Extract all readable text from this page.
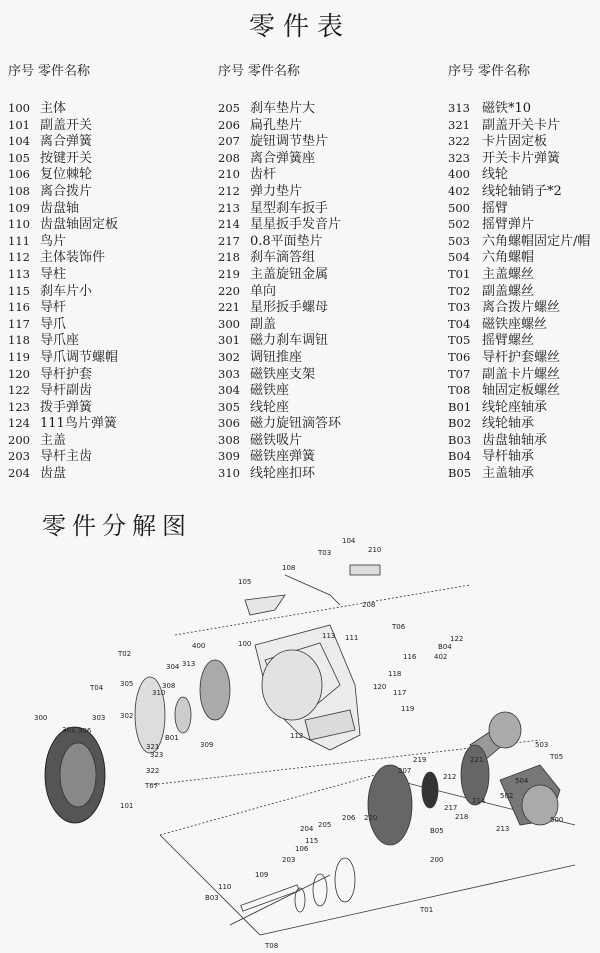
零件表
序号 零件名称
100 主体
101 副盖开关
104 离合弹簧
105 按键开关
106 复位棘轮
108 离合拨片
109 齿盘轴
110 齿盘轴固定板
111 鸟片
112 主体装饰件
113 导柱
115 刹车片小
116 导杆
117 导爪
118 导爪座
119 导爪调节螺帽
120 导杆护套
122 导杆副齿
123 拨手弹簧
124 111鸟片弹簧
200 主盖
203 导杆主齿
204 齿盘
序号 零件名称
205 刹车垫片大
206 扁孔垫片
207 旋钮调节垫片
208 离合弹簧座
210 齿杆
212 弹力垫片
213 星型刹车扳手
214 星星扳手发音片
217 0.8平面垫片
218 刹车滴答组
219 主盖旋钮金属
220 单向
221 星形扳手螺母
300 副盖
301 磁力刹车调钮
302 调钮推座
303 磁铁座支架
304 磁铁座
305 线轮座
306 磁力旋钮滴答环
308 磁铁吸片
309 磁铁座弹簧
310 线轮座扣环
序号 零件名称
313 磁铁*10
321 副盖开关卡片
322 卡片固定板
323 开关卡片弹簧
400 线轮
402 线轮轴销子*2
500 摇臂
502 摇臂弹片
503 六角螺帽固定片/帽
504 六角螺帽
T01 主盖螺丝
T02 副盖螺丝
T03 离合拨片螺丝
T04 磁铁座螺丝
T05 摇臂螺丝
T06 导杆护套螺丝
T07 副盖卡片螺丝
T08 轴固定板螺丝
B01 线轮座轴承
B02 线轮轴承
B03 齿盘轴轴承
B04 导杆轴承
B05 主盖轴承
零件分解图
T03
104
210
105
108
208
111
113
100
T06
122
B04
402
116
118
117
119
120
T02
304 313
400
T04 305	308
310
303 302
306
B01
309
112
300
301
321
323
322
T07
101
219	221
503
T05
504
207
212
502
500
217
218
214
213
B05
206 220
204 205
115
106
203	200
110
109
B03
T08
T01
